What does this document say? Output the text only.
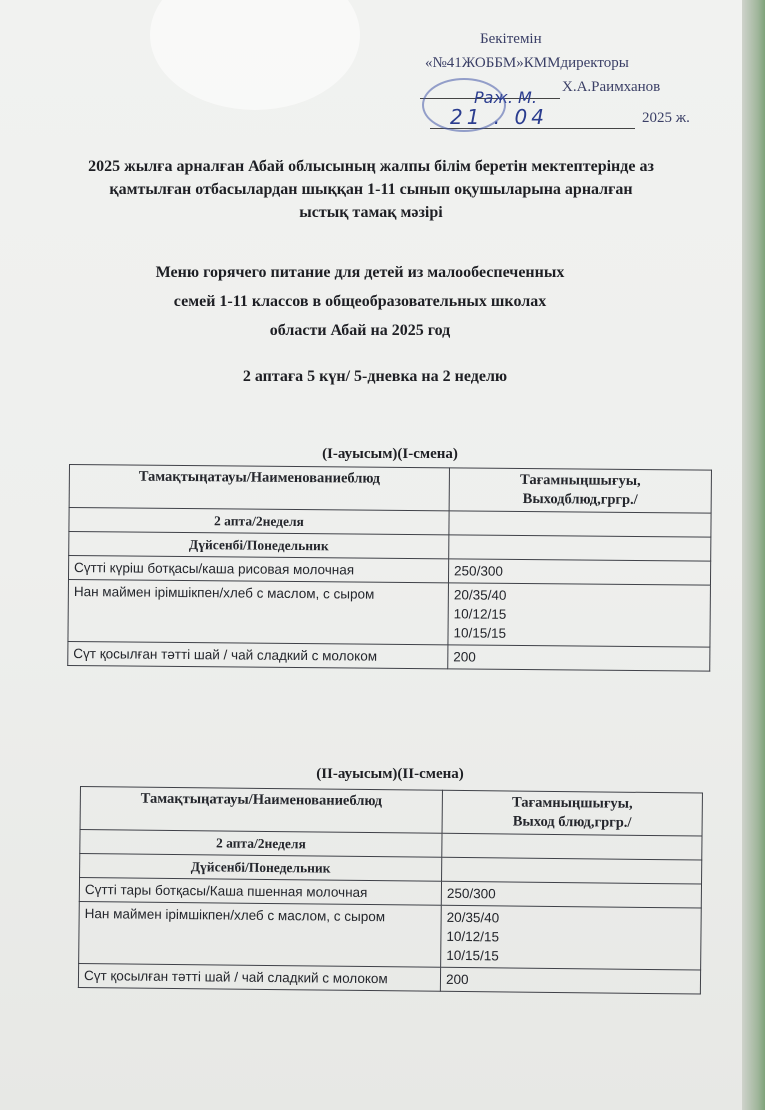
Бекітемін
«№41ЖОББМ»КММдиректоры
Х.А.Раимханов
2025 ж.
Раж. М.
21 . 04
2025 жылға арналған Абай облысының жалпы білім беретін мектептерінде аз
қамтылған отбасылардан шыққан 1-11 сынып оқушыларына арналған
ыстық тамақ мәзірі
Меню горячего питание для детей из малообеспеченных
семей 1-11 классов в общеобразовательных школах
области Абай на 2025 год
2 аптаға 5 күн/ 5-дневка на 2 неделю
(І-ауысым)(І-смена)
Тамақтыңатауы/Наименованиеблюд	Тағамныңшығуы,
Выходблюд,гргр./

2 апта/2неделя	
Дүйсенбі/Понедельник	
Сүтті күріш ботқасы/каша рисовая молочная	250/300
Нан маймен ірімшікпен/хлеб с маслом, с сыром	20/35/40
10/12/15
10/15/15

Сүт қосылған тәтті шай / чай сладкий с молоком	200
(ІІ-ауысым)(ІІ-смена)
Тамақтыңатауы/Наименованиеблюд	Тағамныңшығуы,
Выход блюд,гргр./

2 апта/2неделя	
Дүйсенбі/Понедельник	
Сүтті тары ботқасы/Каша пшенная молочная	250/300
Нан маймен ірімшікпен/хлеб с маслом, с сыром	20/35/40
10/12/15
10/15/15

Сүт қосылған тәтті шай / чай сладкий с молоком	200
